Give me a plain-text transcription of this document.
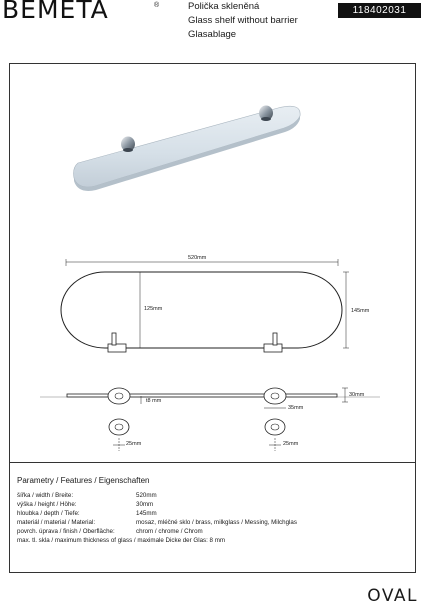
BEMETA	®	Polička skleněná
Glass shelf without barrier
Glasablage
118402031
520mm
125mm	145mm
30mm
t8 mm
35mm
25mm	25mm
Parametry / Features / Eigenschaften
šířka / width / Breite:	520mm
výška / height / Höhe:	30mm
hloubka / depth / Tiefe:	145mm
materiál / material / Material:	mosaz, mléčné sklo / brass, milkglass / Messing, Milchglas
povrch. úprava / finish / Oberfläche:	chrom / chrome / Chrom
max. tl. skla / maximum thickness of glass / maximale Dicke der Glas: 8 mm
OVAL
